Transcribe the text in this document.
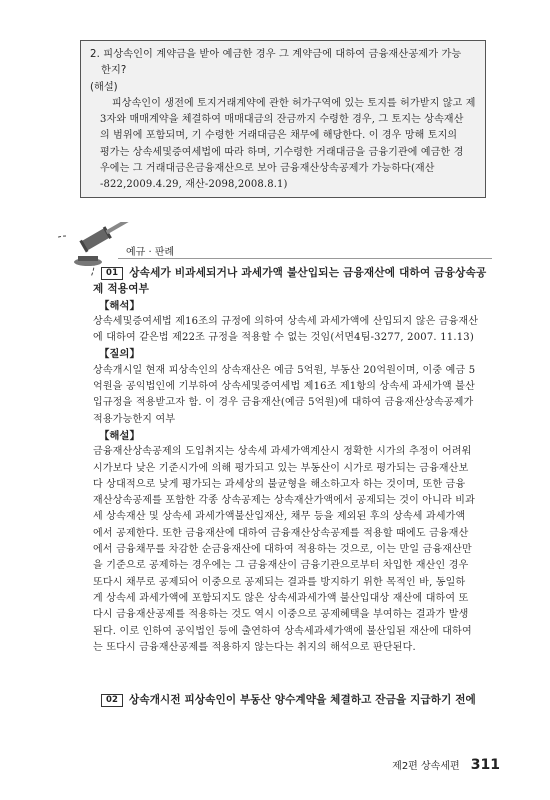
2. 피상속인이 계약금을 받아 예금한 경우 그 계약금에 대하여 금융재산공제가 가능
한지?
(해설)
피상속인이 생전에 토지거래계약에 관한 허가구역에 있는 토지를 허가받지 않고 제
3자와 매매계약을 체결하여 매매대금의 잔금까지 수령한 경우, 그 토지는 상속재산
의 범위에 포함되며, 기 수령한 거래대금은 채무에 해당한다. 이 경우 망해 토지의
평가는 상속세및증여세법에 따라 하며, 기수령한 거래대금을 금융기관에 예금한 경
우에는 그 거래대금은금융재산으로 보아 금융재산상속공제가 가능하다(재산
-822,2009.4.29, 재산-2098,2008.8.1)
예규 · 판례
01 상속세가 비과세되거나 과세가액 불산입되는 금융재산에 대하여 금융상속공
제 적용여부
【해석】
상속세및증여세법 제16조의 규정에 의하여 상속세 과세가액에 산입되지 않은 금융재산
에 대하여 같은법 제22조 규정을 적용할 수 없는 것임(서면4팀-3277, 2007. 11.13)
【질의】
상속개시일 현재 피상속인의 상속재산은 예금 5억원, 부동산 20억원이며, 이중 예금 5
억원을 공익법인에 기부하여 상속세및증여세법 제16조 제1항의 상속세 과세가액 불산
입규정을 적용받고자 함. 이 경우 금융재산(예금 5억원)에 대하여 금융재산상속공제가
적용가능한지 여부
【해설】
금융재산상속공제의 도입취지는 상속세 과세가액계산시 정확한 시가의 추정이 어려워
시가보다 낮은 기준시가에 의해 평가되고 있는 부동산이 시가로 평가되는 금융재산보
다 상대적으로 낮게 평가되는 과세상의 불균형을 해소하고자 하는 것이며, 또한 금융
재산상속공제를 포함한 각종 상속공제는 상속재산가액에서 공제되는 것이 아니라 비과
세 상속재산 및 상속세 과세가액불산입재산, 채무 등을 제외된 후의 상속세 과세가액
에서 공제한다. 또한 금융재산에 대하여 금융재산상속공제를 적용할 때에도 금융재산
에서 금융채무를 차감한 순금융재산에 대하여 적용하는 것으로, 이는 만일 금융재산만
을 기준으로 공제하는 경우에는 그 금융재산이 금융기관으로부터 차입한 재산인 경우
또다시 채무로 공제되어 이중으로 공제되는 결과를 방지하기 위한 목적인 바, 동일하
게 상속세 과세가액에 포함되지도 않은 상속세과세가액 불산입대상 재산에 대하여 또
다시 금융재산공제를 적용하는 것도 역시 이중으로 공제혜택을 부여하는 결과가 발생
된다. 이로 인하여 공익법인 등에 출연하여 상속세과세가액에 불산입된 재산에 대하여
는 또다시 금융재산공제를 적용하지 않는다는 취지의 해석으로 판단된다.
02 상속개시전 피상속인이 부동산 양수계약을 체결하고 잔금을 지급하기 전에
제2편 상속세편 311
